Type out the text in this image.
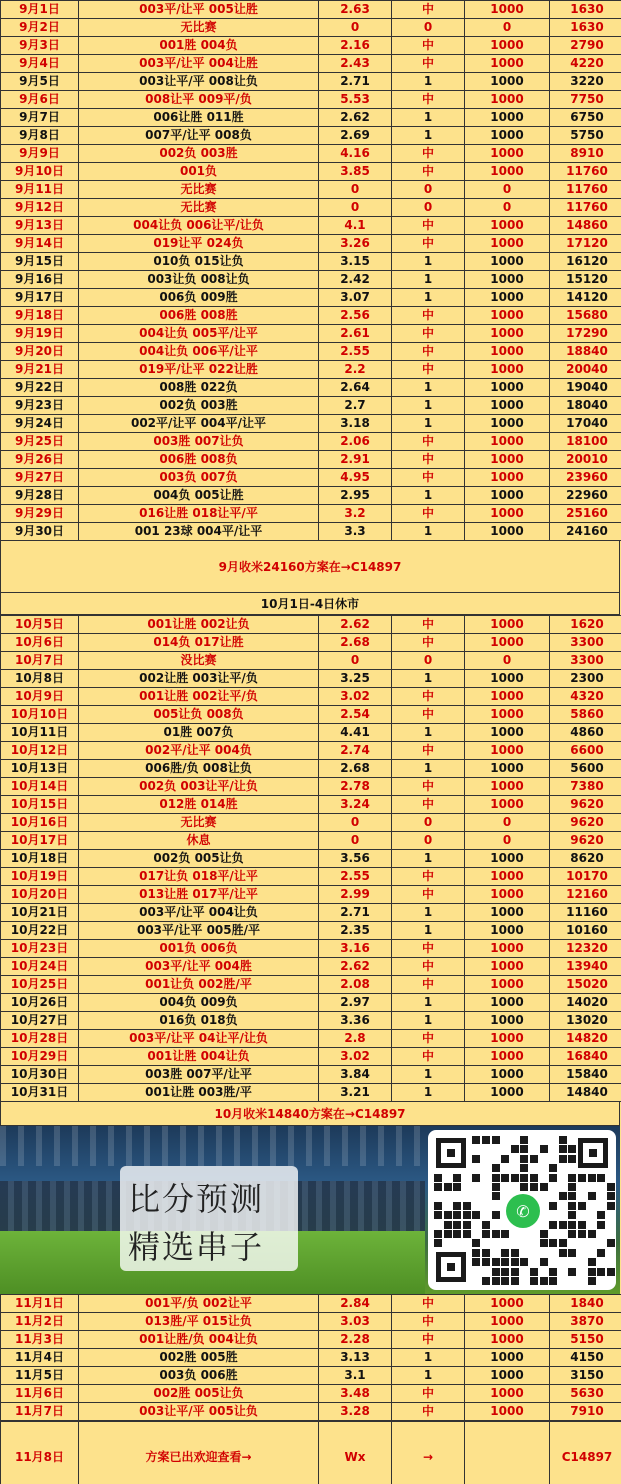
9月1日	003平/让平 005让胜	2.63	中	1000	1630
9月2日	无比赛	0	0	0	1630
9月3日	001胜 004负	2.16	中	1000	2790
9月4日	003平/让平 004让胜	2.43	中	1000	4220
9月5日	003让平/平 008让负	2.71	1	1000	3220
9月6日	008让平 009平/负	5.53	中	1000	7750
9月7日	006让胜 011胜	2.62	1	1000	6750
9月8日	007平/让平 008负	2.69	1	1000	5750
9月9日	002负 003胜	4.16	中	1000	8910
9月10日	001负	3.85	中	1000	11760
9月11日	无比赛	0	0	0	11760
9月12日	无比赛	0	0	0	11760
9月13日	004让负 006让平/让负	4.1	中	1000	14860
9月14日	019让平 024负	3.26	中	1000	17120
9月15日	010负 015让负	3.15	1	1000	16120
9月16日	003让负 008让负	2.42	1	1000	15120
9月17日	006负 009胜	3.07	1	1000	14120
9月18日	006胜 008胜	2.56	中	1000	15680
9月19日	004让负 005平/让平	2.61	中	1000	17290
9月20日	004让负 006平/让平	2.55	中	1000	18840
9月21日	019平/让平 022让胜	2.2	中	1000	20040
9月22日	008胜 022负	2.64	1	1000	19040
9月23日	002负 003胜	2.7	1	1000	18040
9月24日	002平/让平 004平/让平	3.18	1	1000	17040
9月25日	003胜 007让负	2.06	中	1000	18100
9月26日	006胜 008负	2.91	中	1000	20010
9月27日	003负 007负	4.95	中	1000	23960
9月28日	004负 005让胜	2.95	1	1000	22960
9月29日	016让胜 018让平/平	3.2	中	1000	25160
9月30日	001 23球 004平/让平	3.3	1	1000	24160
9月收米24160方案在→C14897
10月1日-4日休市
10月5日	001让胜 002让负	2.62	中	1000	1620
10月6日	014负 017让胜	2.68	中	1000	3300
10月7日	没比赛	0	0	0	3300
10月8日	002让胜 003让平/负	3.25	1	1000	2300
10月9日	001让胜 002让平/负	3.02	中	1000	4320
10月10日	005让负 008负	2.54	中	1000	5860
10月11日	01胜 007负	4.41	1	1000	4860
10月12日	002平/让平 004负	2.74	中	1000	6600
10月13日	006胜/负 008让负	2.68	1	1000	5600
10月14日	002负 003让平/让负	2.78	中	1000	7380
10月15日	012胜 014胜	3.24	中	1000	9620
10月16日	无比赛	0	0	0	9620
10月17日	休息	0	0	0	9620
10月18日	002负 005让负	3.56	1	1000	8620
10月19日	017让负 018平/让平	2.55	中	1000	10170
10月20日	013让胜 017平/让平	2.99	中	1000	12160
10月21日	003平/让平 004让负	2.71	1	1000	11160
10月22日	003平/让平 005胜/平	2.35	1	1000	10160
10月23日	001负 006负	3.16	中	1000	12320
10月24日	003平/让平 004胜	2.62	中	1000	13940
10月25日	001让负 002胜/平	2.08	中	1000	15020
10月26日	004负 009负	2.97	1	1000	14020
10月27日	016负 018负	3.36	1	1000	13020
10月28日	003平/让平 04让平/让负	2.8	中	1000	14820
10月29日	001让胜 004让负	3.02	中	1000	16840
10月30日	003胜 007平/让平	3.84	1	1000	15840
10月31日	001让胜 003胜/平	3.21	1	1000	14840
10月收米14840方案在→C14897
比分预测
精选串子
✆
11月1日	001平/负 002让平	2.84	中	1000	1840
11月2日	013胜/平 015让负	3.03	中	1000	3870
11月3日	001让胜/负 004让负	2.28	中	1000	5150
11月4日	002胜 005胜	3.13	1	1000	4150
11月5日	003负 006胜	3.1	1	1000	3150
11月6日	002胜 005让负	3.48	中	1000	5630
11月7日	003让平/平 005让负	3.28	中	1000	7910
11月8日	方案已出欢迎查看→	Wx	→		C14897
